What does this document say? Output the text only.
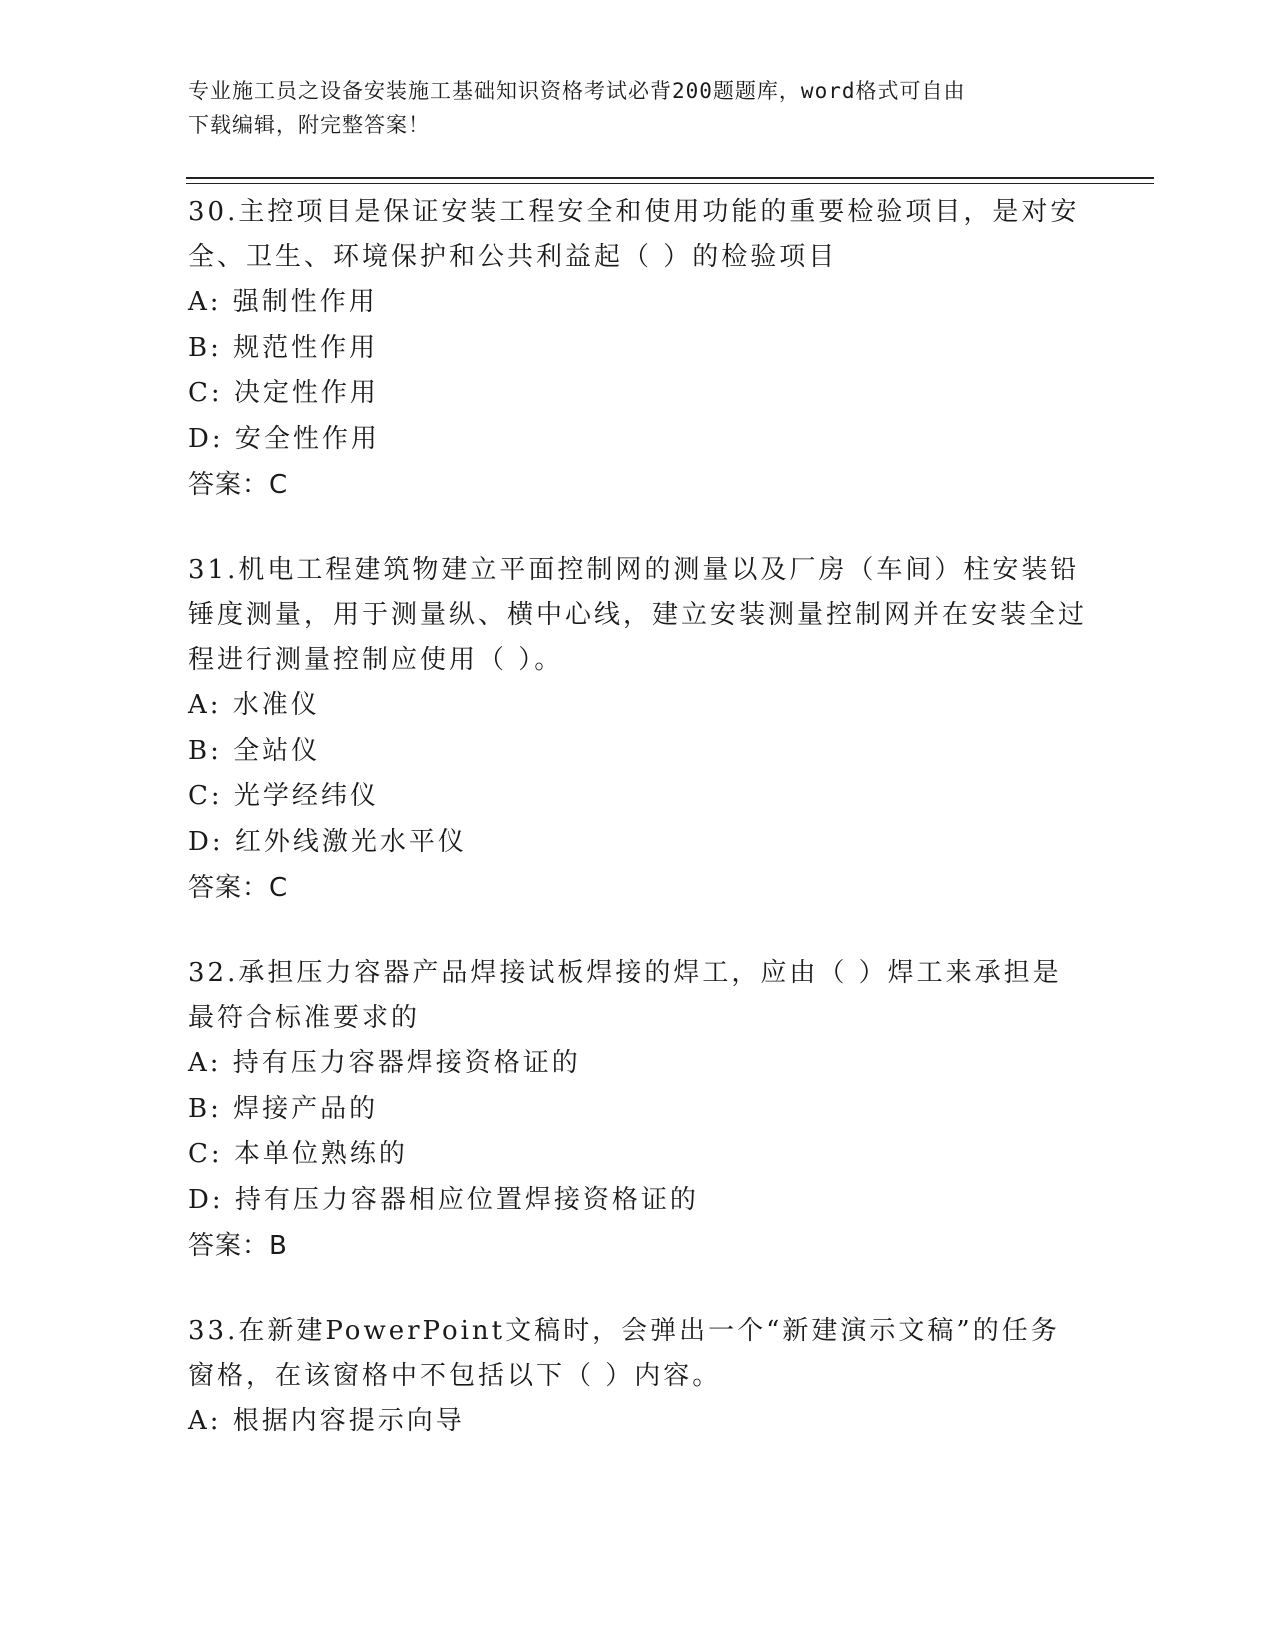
专业施工员之设备安装施工基础知识资格考试必背200题题库，word格式可自由
下载编辑，附完整答案！
30.主控项目是保证安装工程安全和使用功能的重要检验项目，是对安全、卫生、环境保护和公共利益起（ ）的检验项目
A: 强制性作用
B: 规范性作用
C: 决定性作用
D: 安全性作用
答案：C
31.机电工程建筑物建立平面控制网的测量以及厂房（车间）柱安装铅锤度测量，用于测量纵、横中心线，建立安装测量控制网并在安装全过程进行测量控制应使用（ ）。
A: 水准仪
B: 全站仪
C: 光学经纬仪
D: 红外线激光水平仪
答案：C
32.承担压力容器产品焊接试板焊接的焊工，应由（ ）焊工来承担是最符合标准要求的
A: 持有压力容器焊接资格证的
B: 焊接产品的
C: 本单位熟练的
D: 持有压力容器相应位置焊接资格证的
答案：B
33.在新建PowerPoint文稿时，会弹出一个“新建演示文稿”的任务窗格，在该窗格中不包括以下（ ）内容。
A: 根据内容提示向导
